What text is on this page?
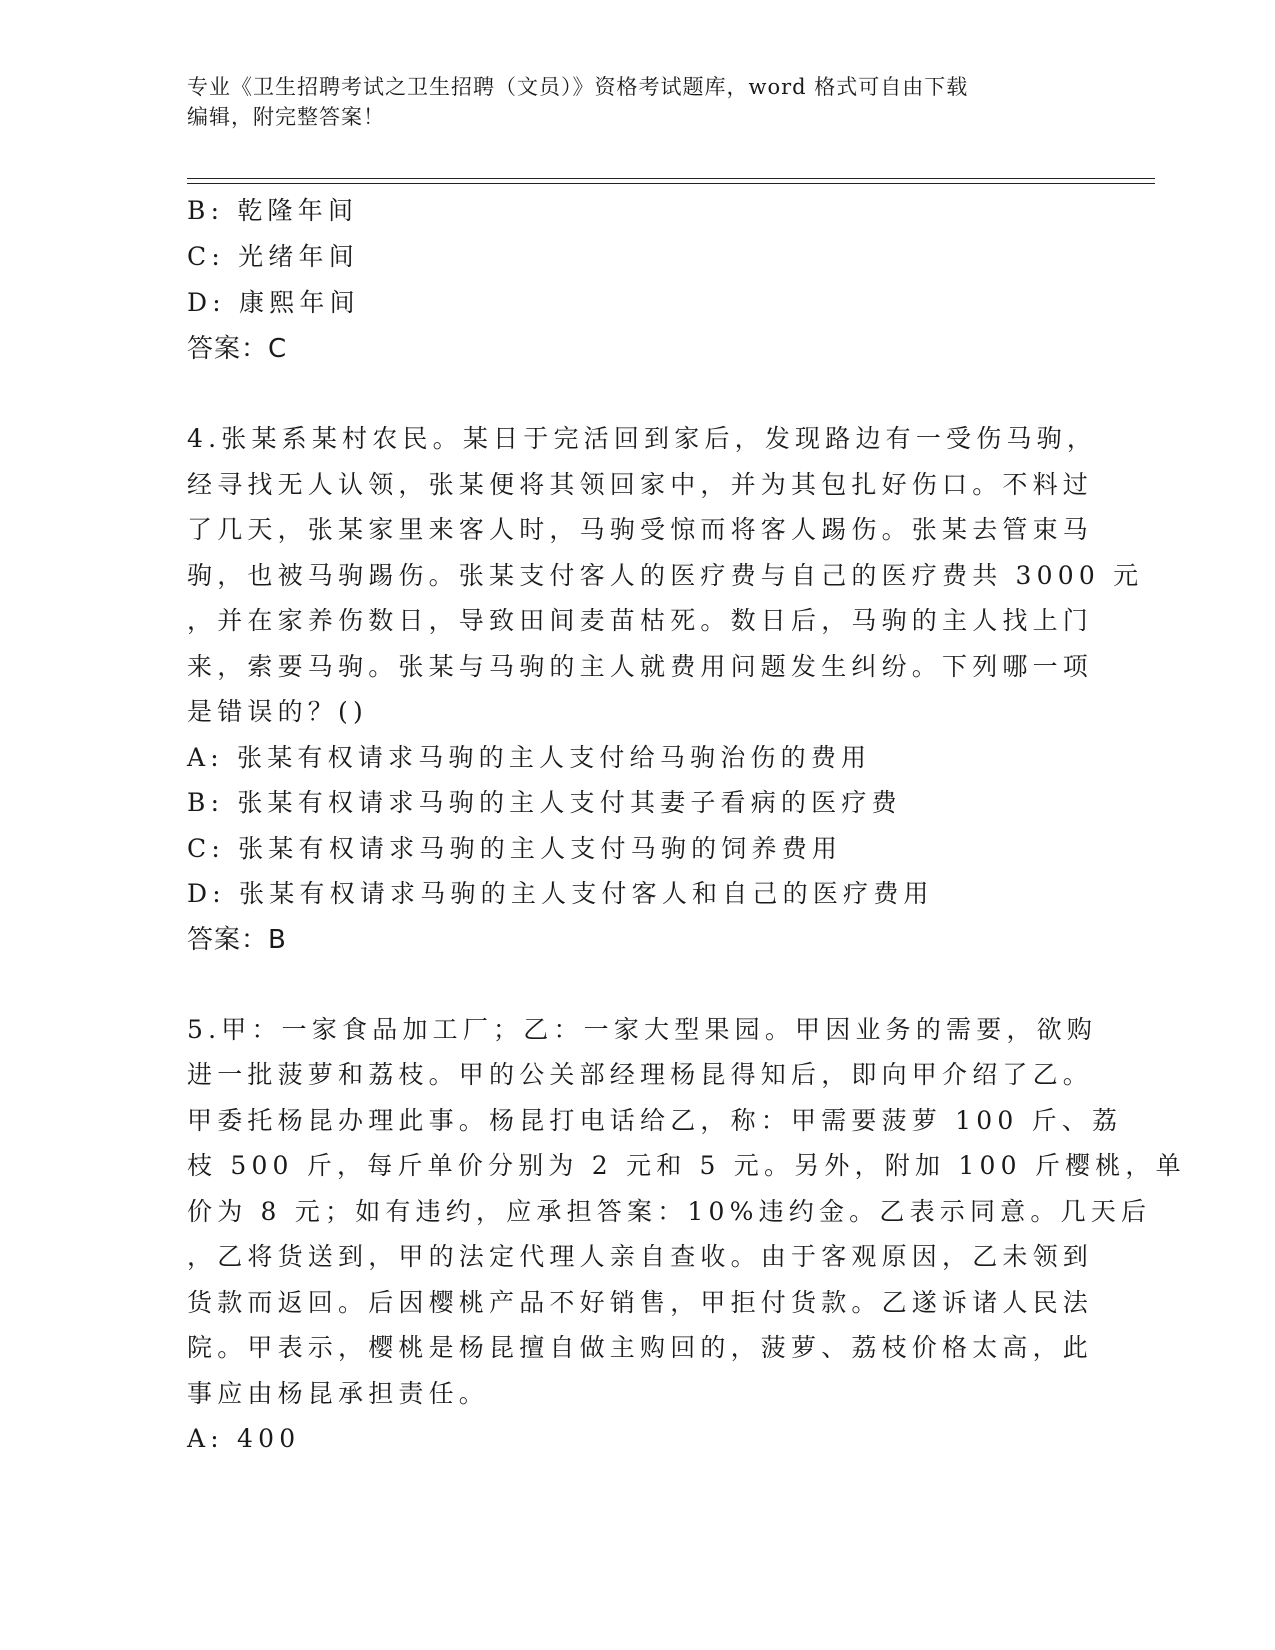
专业《卫生招聘考试之卫生招聘（文员）》资格考试题库，word 格式可自由下载
编辑，附完整答案！
B: 乾隆年间
C: 光绪年间
D: 康熙年间
答案：C
4.张某系某村农民。某日于完活回到家后，发现路边有一受伤马驹，
经寻找无人认领，张某便将其领回家中，并为其包扎好伤口。不料过
了几天，张某家里来客人时，马驹受惊而将客人踢伤。张某去管束马
驹，也被马驹踢伤。张某支付客人的医疗费与自己的医疗费共 3000 元
，并在家养伤数日，导致田间麦苗枯死。数日后，马驹的主人找上门
来，索要马驹。张某与马驹的主人就费用问题发生纠纷。下列哪一项
是错误的？()
A: 张某有权请求马驹的主人支付给马驹治伤的费用
B: 张某有权请求马驹的主人支付其妻子看病的医疗费
C: 张某有权请求马驹的主人支付马驹的饲养费用
D: 张某有权请求马驹的主人支付客人和自己的医疗费用
答案：B
5.甲：一家食品加工厂；乙：一家大型果园。甲因业务的需要，欲购
进一批菠萝和荔枝。甲的公关部经理杨昆得知后，即向甲介绍了乙。
甲委托杨昆办理此事。杨昆打电话给乙，称：甲需要菠萝 100 斤、荔
枝 500 斤，每斤单价分别为 2 元和 5 元。另外，附加 100 斤樱桃，单
价为 8 元；如有违约，应承担答案：10%违约金。乙表示同意。几天后
，乙将货送到，甲的法定代理人亲自查收。由于客观原因，乙未领到
货款而返回。后因樱桃产品不好销售，甲拒付货款。乙遂诉诸人民法
院。甲表示，樱桃是杨昆擅自做主购回的，菠萝、荔枝价格太高，此
事应由杨昆承担责任。
A: 400
